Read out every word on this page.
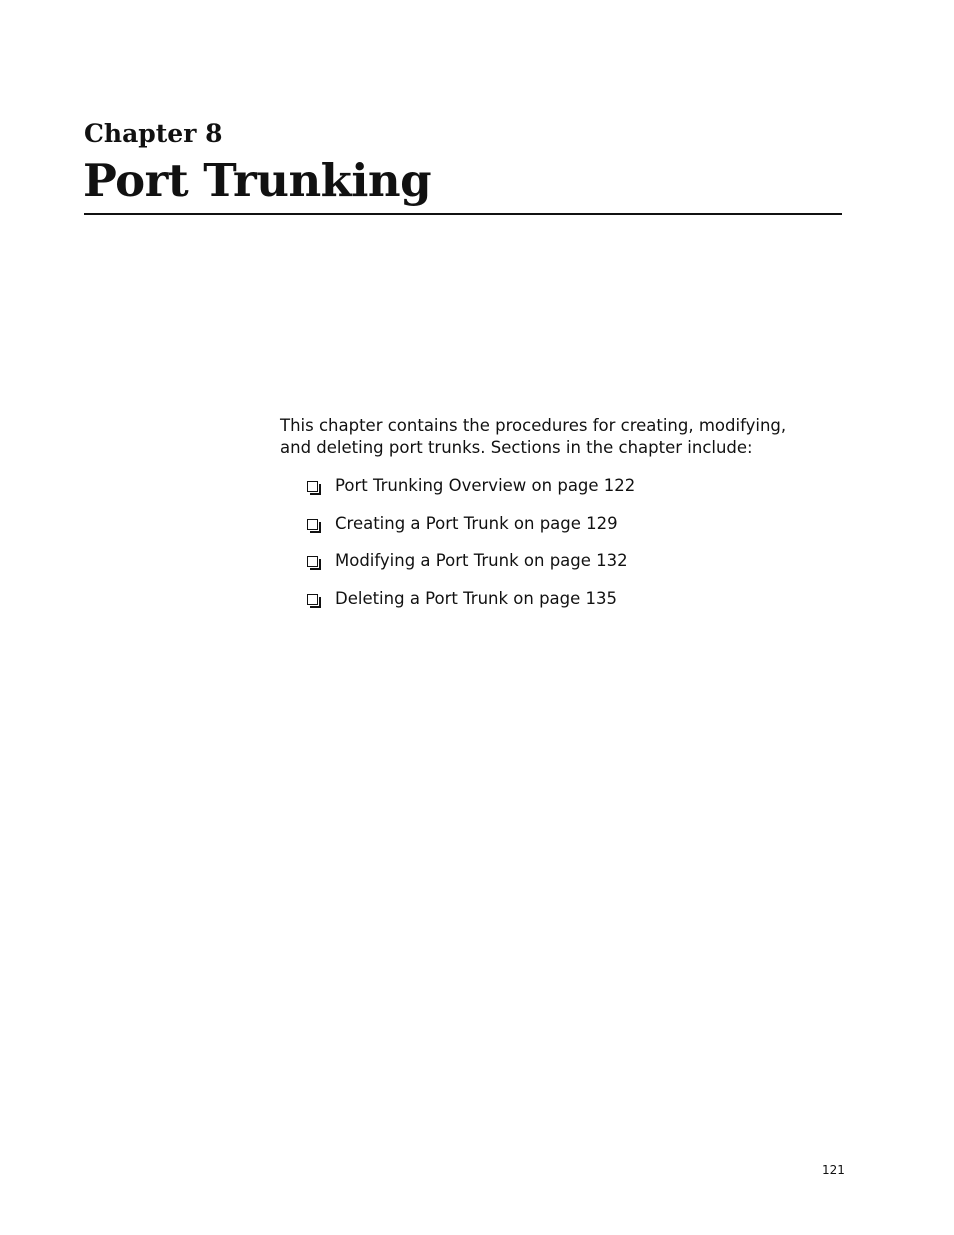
Chapter 8
Port Trunking

This chapter contains the procedures for creating, modifying, and deleting port trunks. Sections in the chapter include:

Port Trunking Overview on page 122
Creating a Port Trunk on page 129
Modifying a Port Trunk on page 132
Deleting a Port Trunk on page 135
121
